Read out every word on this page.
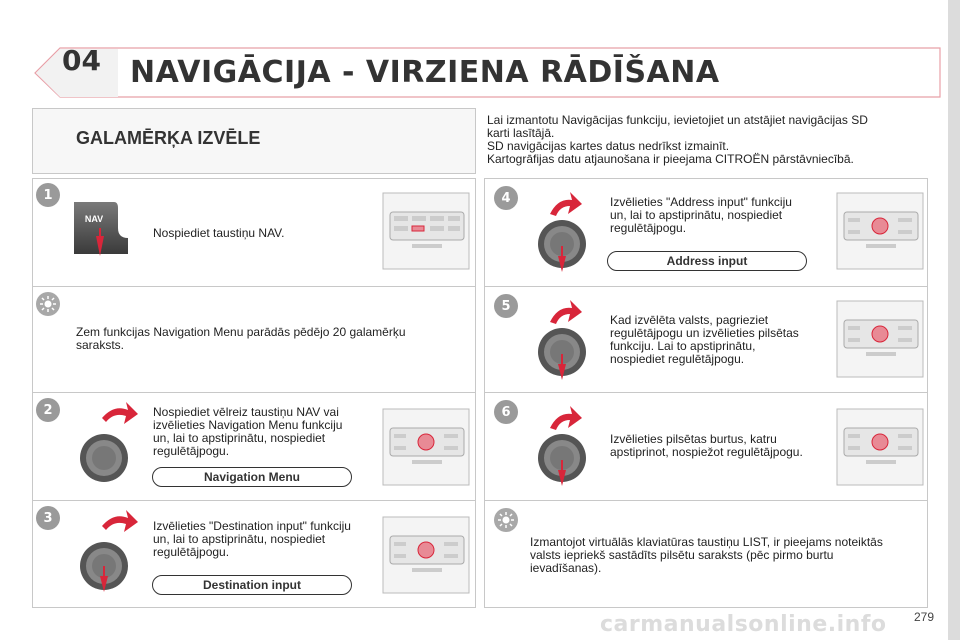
04 NAVIGĀCIJA - VIRZIENA RĀDĪŠANA
GALAMĒRĶA IZVĒLE
Lai izmantotu Navigācijas funkciju, ievietojiet un atstājiet navigācijas SD
karti lasītājā.
SD navigācijas kartes datus nedrīkst izmainīt.
Kartogrāfijas datu atjaunošana ir pieejama CITROËN pārstāvniecībā.
1
NAV
Nospiediet taustiņu NAV.
Zem funkcijas Navigation Menu parādās pēdējo 20 galamērķu
saraksts.
2	Nospiediet vēlreiz taustiņu NAV vai
izvēlieties Navigation Menu funkciju
un, lai to apstiprinātu, nospiediet
regulētājpogu.
Navigation Menu
3
Izvēlieties "Destination input" funkciju
un, lai to apstiprinātu, nospiediet
regulētājpogu.
Destination input
4	Izvēlieties "Address input" funkciju
un, lai to apstiprinātu, nospiediet
regulētājpogu.
Address input
5
Kad izvēlēta valsts, pagrieziet
regulētājpogu un izvēlieties pilsētas
funkciju. Lai to apstiprinātu,
nospiediet regulētājpogu.
6
Izvēlieties pilsētas burtus, katru
apstiprinot, nospiežot regulētājpogu.
Izmantojot virtuālās klaviatūras taustiņu LIST, ir pieejams noteiktās
valsts iepriekš sastādīts pilsētu saraksts (pēc pirmo burtu
ievadīšanas).
carmanualsonline.info 279
